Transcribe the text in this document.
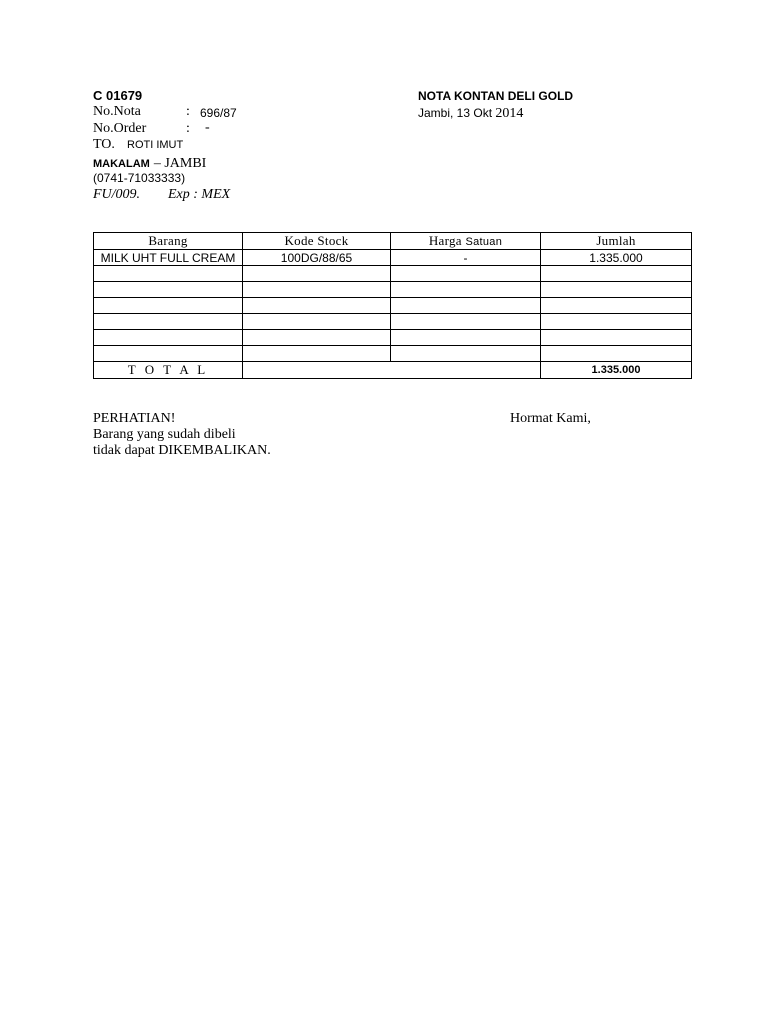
C 01679	NOTA KONTAN DELI GOLD
No.Nota	: 696/87	Jambi, 13 Okt 2014
No.Order	: -
TO. ROTI IMUT
MAKALAM – JAMBI
(0741-71033333)
FU/009. Exp : MEX
Barang	Kode Stock	Harga Satuan	Jumlah
MILK UHT FULL CREAM	100DG/88/65	-	1.335.000

T O T A L			1.335.000
PERHATIAN!	Hormat Kami,
Barang yang sudah dibeli
tidak dapat DIKEMBALIKAN.
